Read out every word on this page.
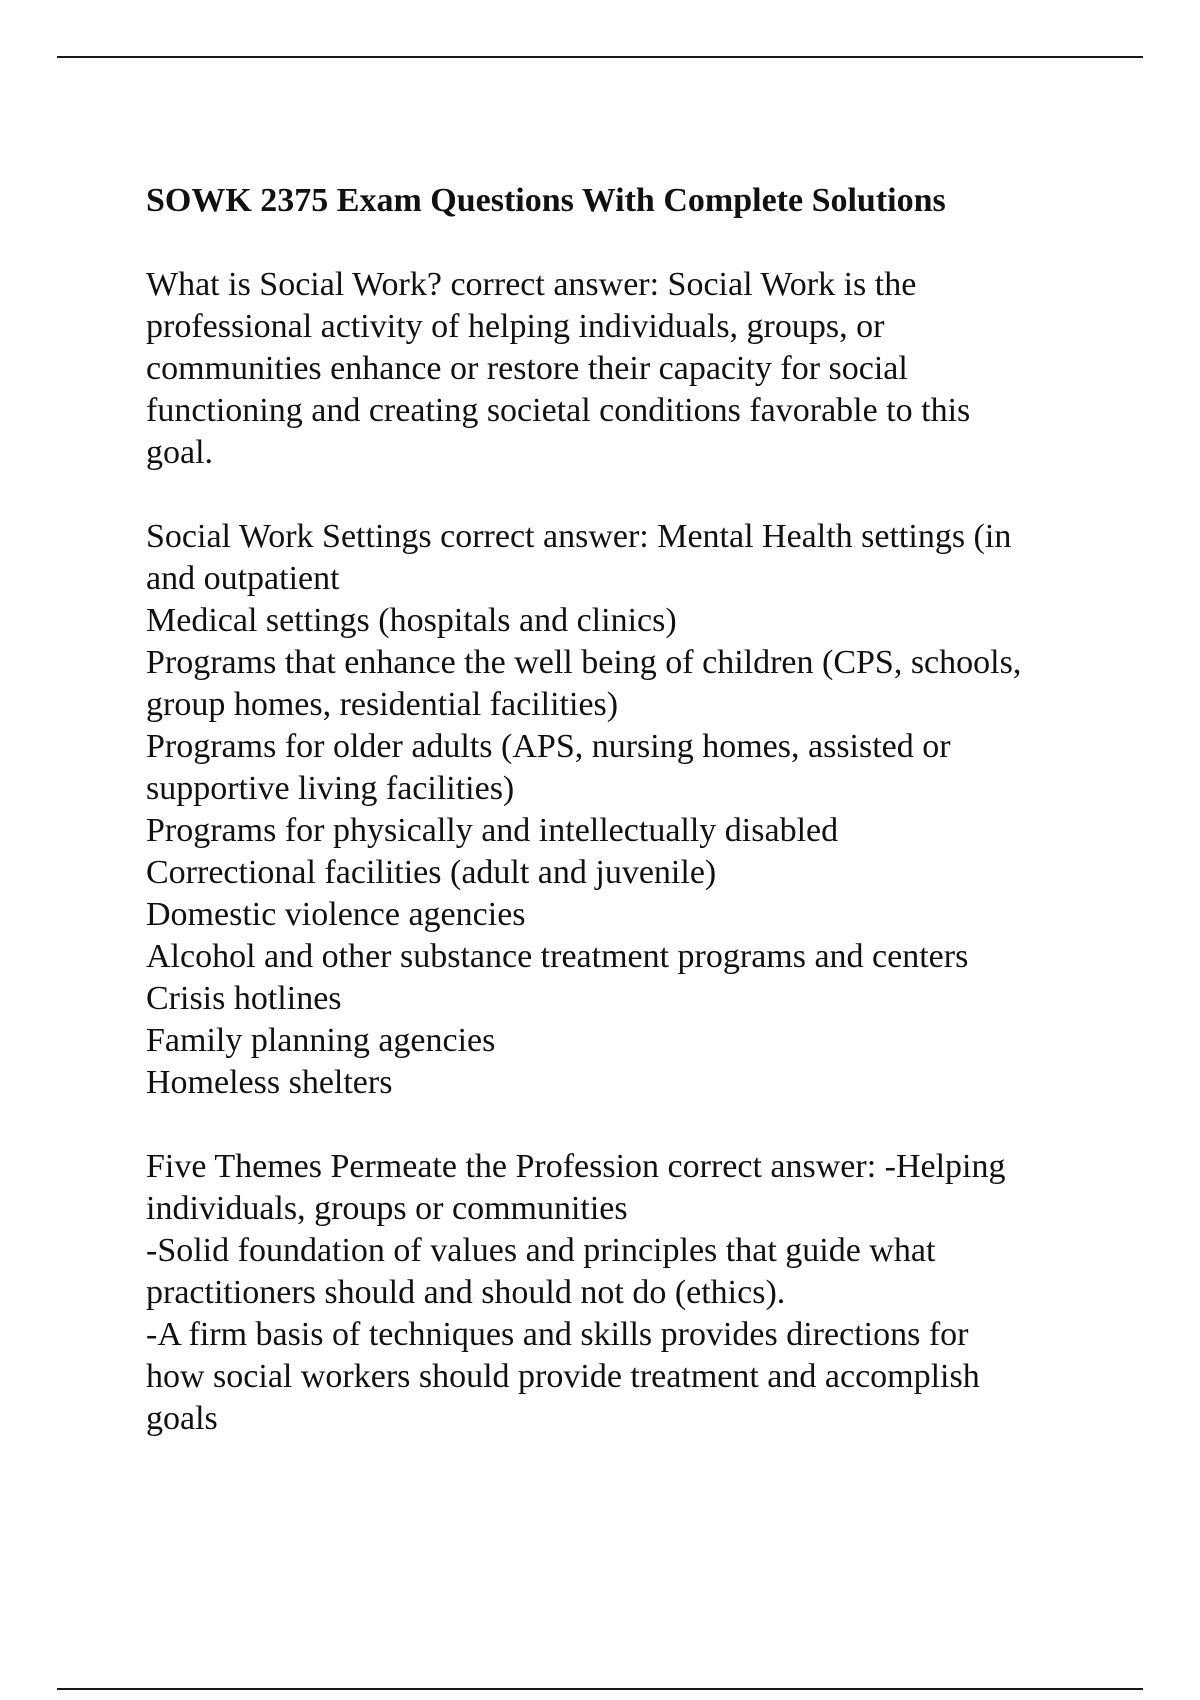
SOWK 2375 Exam Questions With Complete Solutions
What is Social Work? correct answer: Social Work is the
professional activity of helping individuals, groups, or
communities enhance or restore their capacity for social
functioning and creating societal conditions favorable to this
goal.
Social Work Settings correct answer: Mental Health settings (in
and outpatient
Medical settings (hospitals and clinics)
Programs that enhance the well being of children (CPS, schools,
group homes, residential facilities)
Programs for older adults (APS, nursing homes, assisted or
supportive living facilities)
Programs for physically and intellectually disabled
Correctional facilities (adult and juvenile)
Domestic violence agencies
Alcohol and other substance treatment programs and centers
Crisis hotlines
Family planning agencies
Homeless shelters
Five Themes Permeate the Profession correct answer: -Helping
individuals, groups or communities
-Solid foundation of values and principles that guide what
practitioners should and should not do (ethics).
-A firm basis of techniques and skills provides directions for
how social workers should provide treatment and accomplish
goals
